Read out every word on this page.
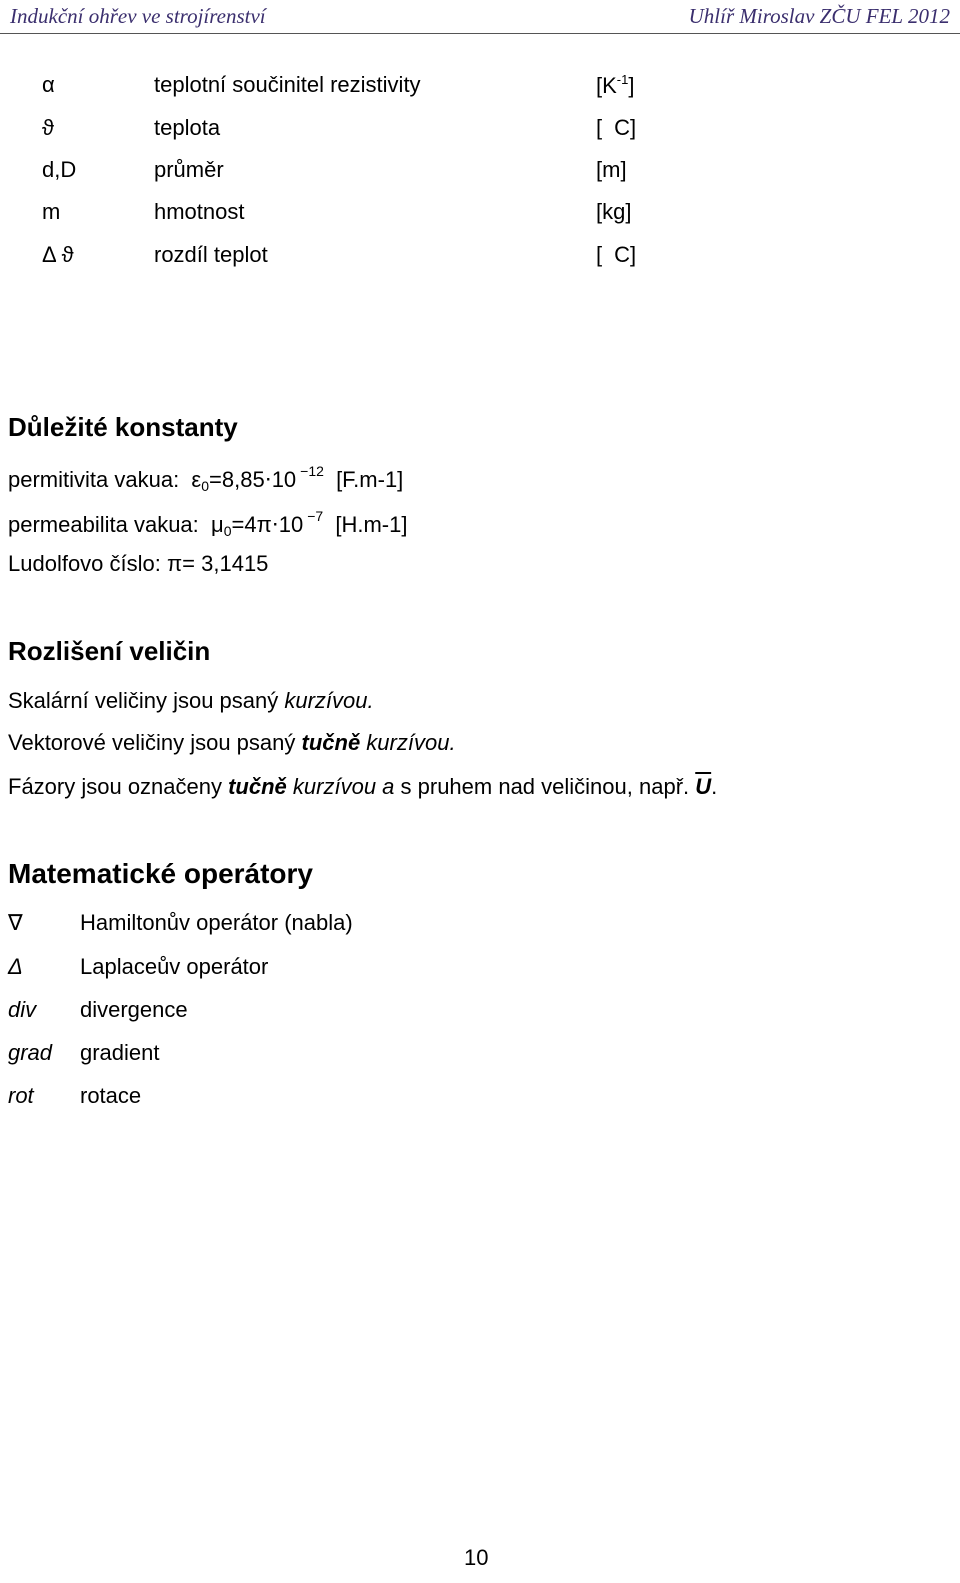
Indukční ohřev ve strojírenství	Uhlíř Miroslav ZČU FEL 2012
α	teplotní součinitel rezistivity	$[K^{-1}]$
ϑ	teplota	[ C]
d,D	průměr	[m]
m	hmotnost	[kg]
Δ ϑ	rozdíl teplot	[ C]
Důležité konstanty
permitivita vakua: $\varepsilon_0=8,85\cdot 10$ $^{-12}$ [F.m-1]
permeabilita vakua: $\mu_0=4\pi\cdot 10$ $^{-7}$ [H.m-1]
Ludolfovo číslo: π= 3,1415
Rozlišení veličin
Skalární veličiny jsou psaný kurzívou.
Vektorové veličiny jsou psaný tučně kurzívou.
Fázory jsou označeny tučně kurzívou a s pruhem nad veličinou, např. $\overline{U}$.
Matematické operátory
∇	Hamiltonův operátor (nabla)
Δ	Laplaceův operátor
div divergence
grad gradient
rot rotace
10
